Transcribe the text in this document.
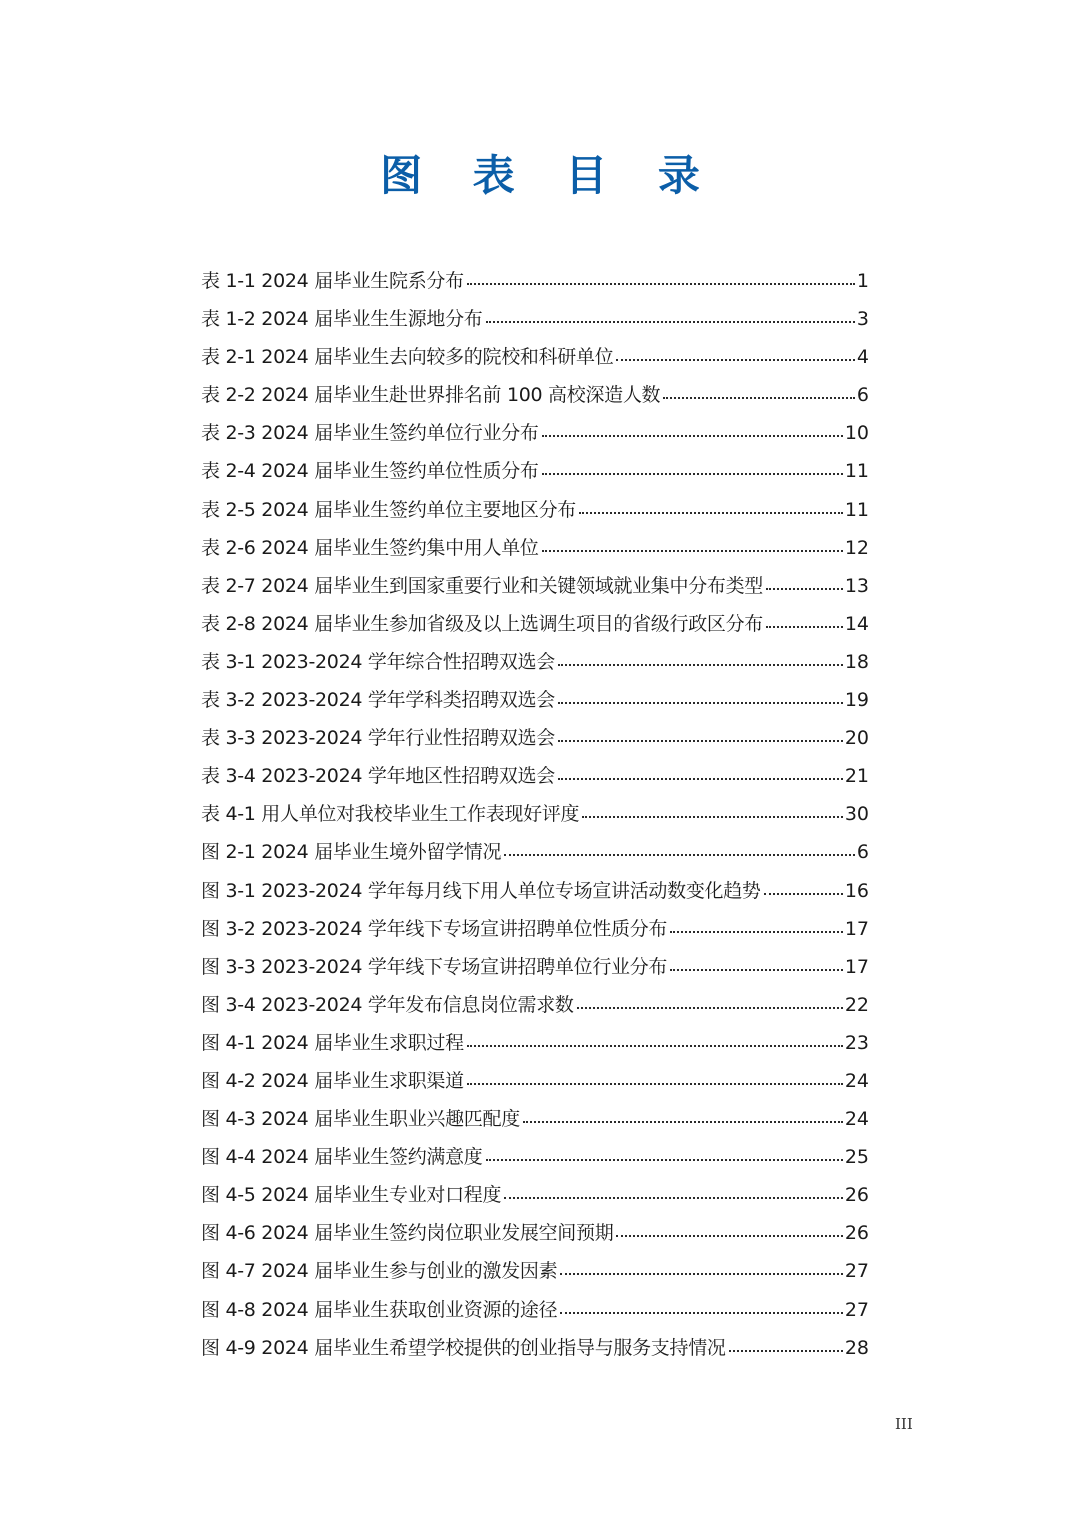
图 表 目 录
表 1-1 2024 届毕业生院系分布	1
表 1-2 2024 届毕业生生源地分布	3
表 2-1 2024 届毕业生去向较多的院校和科研单位	4
表 2-2 2024 届毕业生赴世界排名前 100 高校深造人数	6
表 2-3 2024 届毕业生签约单位行业分布	10
表 2-4 2024 届毕业生签约单位性质分布	11
表 2-5 2024 届毕业生签约单位主要地区分布	11
表 2-6 2024 届毕业生签约集中用人单位	12
表 2-7 2024 届毕业生到国家重要行业和关键领域就业集中分布类型	13
表 2-8 2024 届毕业生参加省级及以上选调生项目的省级行政区分布	14
表 3-1 2023-2024 学年综合性招聘双选会	18
表 3-2 2023-2024 学年学科类招聘双选会	19
表 3-3 2023-2024 学年行业性招聘双选会	20
表 3-4 2023-2024 学年地区性招聘双选会	21
表 4-1 用人单位对我校毕业生工作表现好评度	30
图 2-1 2024 届毕业生境外留学情况	6
图 3-1 2023-2024 学年每月线下用人单位专场宣讲活动数变化趋势	16
图 3-2 2023-2024 学年线下专场宣讲招聘单位性质分布	17
图 3-3 2023-2024 学年线下专场宣讲招聘单位行业分布	17
图 3-4 2023-2024 学年发布信息岗位需求数	22
图 4-1 2024 届毕业生求职过程	23
图 4-2 2024 届毕业生求职渠道	24
图 4-3 2024 届毕业生职业兴趣匹配度	24
图 4-4 2024 届毕业生签约满意度	25
图 4-5 2024 届毕业生专业对口程度	26
图 4-6 2024 届毕业生签约岗位职业发展空间预期	26
图 4-7 2024 届毕业生参与创业的激发因素	27
图 4-8 2024 届毕业生获取创业资源的途径	27
图 4-9 2024 届毕业生希望学校提供的创业指导与服务支持情况	28
III
